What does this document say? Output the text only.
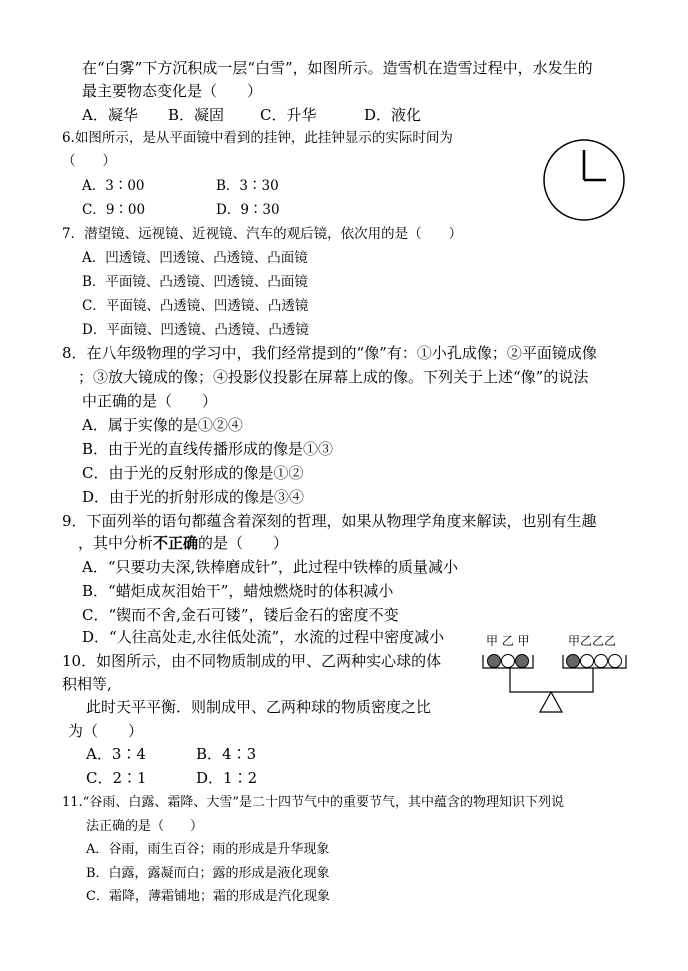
在“白雾”下方沉积成一层“白雪”，如图所示。造雪机在造雪过程中，水发生的
最主要物态变化是（　　）
A．凝华 B．凝固 C．升华	D．液化
6.如图所示，是从平面镜中看到的挂钟，此挂钟显示的实际时间为
（　　）
A．3∶00	B．3∶30
C．9∶00	D．9∶30
7．潜望镜、远视镜、近视镜、汽车的观后镜，依次用的是（　　）
A．凹透镜、凹透镜、凸透镜、凸面镜
B．平面镜、凸透镜、凹透镜、凸面镜
C．平面镜、凸透镜、凹透镜、凸透镜
D．平面镜、凹透镜、凸透镜、凸透镜
8．在八年级物理的学习中，我们经常提到的“像”有：①小孔成像；②平面镜成像
；③放大镜成的像；④投影仪投影在屏幕上成的像。下列关于上述“像”的说法
中正确的是（　　）
A．属于实像的是①②④
B．由于光的直线传播形成的像是①③
C．由于光的反射形成的像是①②
D．由于光的折射形成的像是③④
9．下面列举的语句都蕴含着深刻的哲理，如果从物理学角度来解读，也别有生趣
，其中分析不正确的是（　　）
A．“只要功夫深,铁棒磨成针”，此过程中铁棒的质量减小
B．“蜡炬成灰泪始干”，蜡烛燃烧时的体积减小
C．“锲而不舍,金石可镂”，镂后金石的密度不变
D．“人往高处走,水往低处流”，水流的过程中密度减小
10．如图所示，由不同物质制成的甲、乙两种实心球的体
积相等,
此时天平平衡．则制成甲、乙两种球的物质密度之比
为（　　）
A．3∶4	B．4∶3
C．2∶1	D．1∶2
甲 乙 甲	甲乙乙乙
11.“谷雨、白露、霜降、大雪”是二十四节气中的重要节气，其中蕴含的物理知识下列说
法正确的是（　　）
A．谷雨，雨生百谷；雨的形成是升华现象
B．白露，露凝而白；露的形成是液化现象
C．霜降，薄霜铺地；霜的形成是汽化现象
